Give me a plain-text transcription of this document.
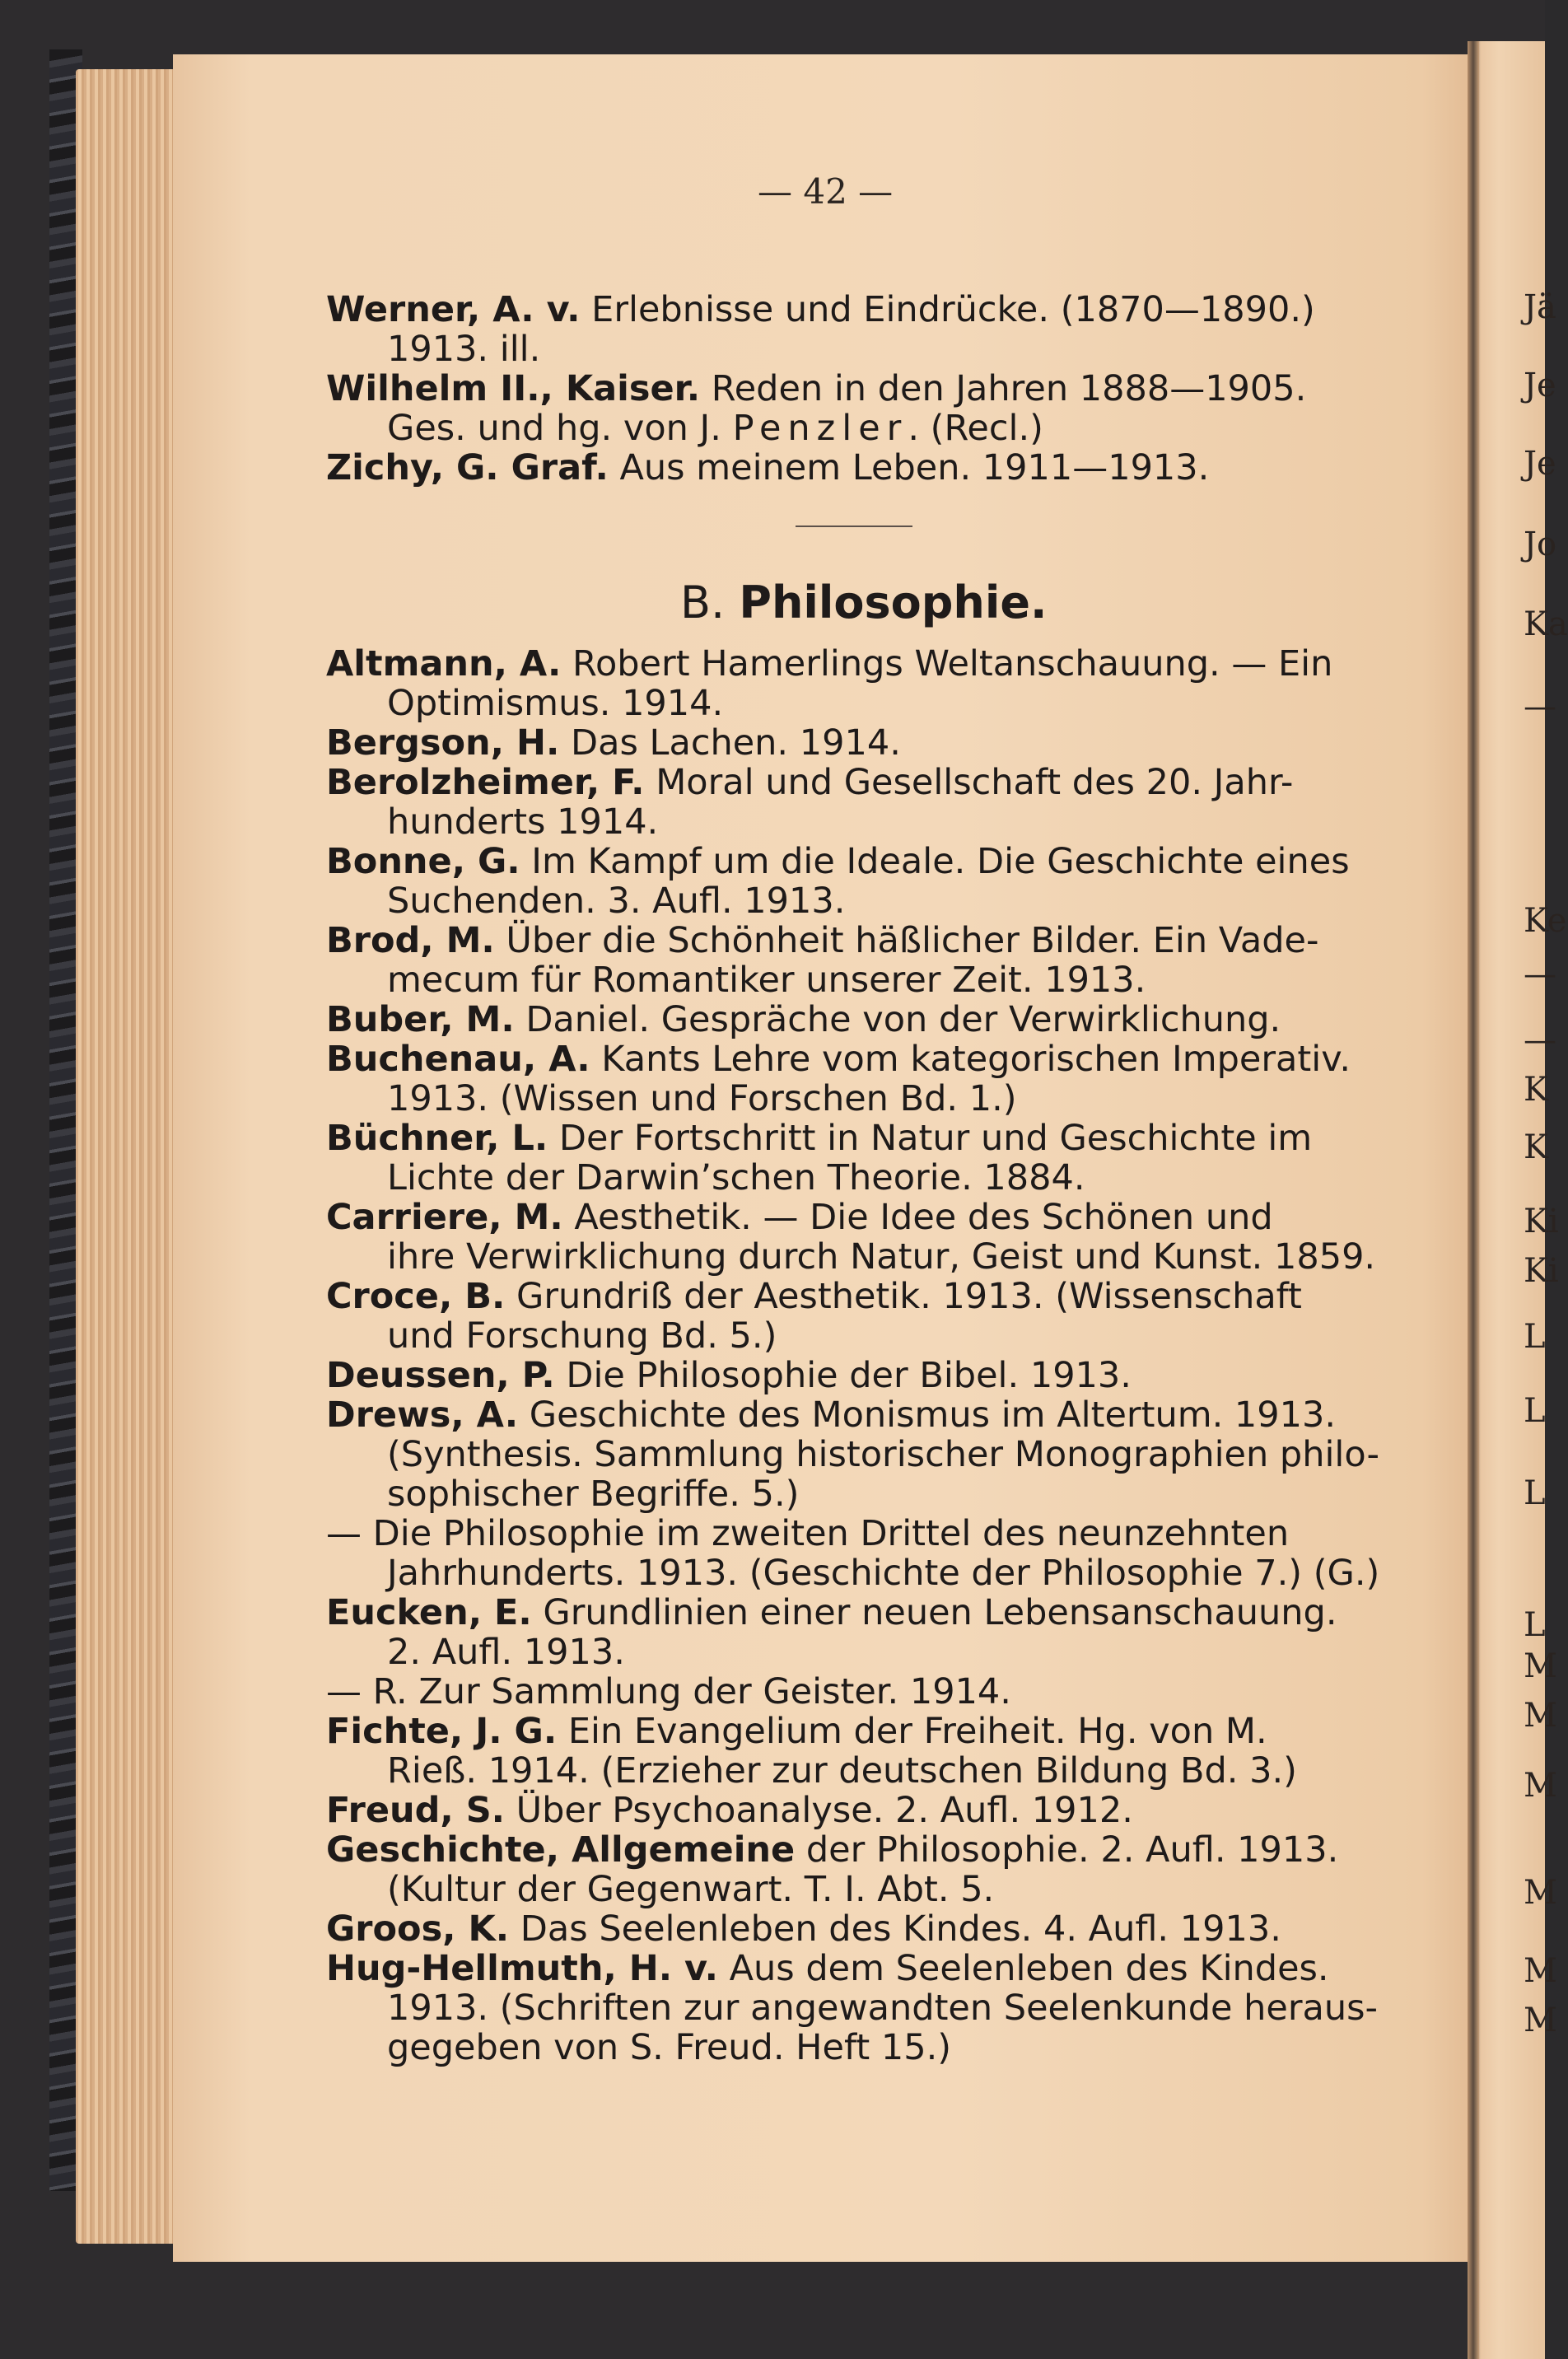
Jä
Je
Je
Jo
Ka
—
Ke
—
—
K
K
Ki
Ki
L
L
L
L
M
M
M
M
M
M
— 42 —
Werner, A. v. Erlebnisse und Eindrücke. (1870—1890.)
1913. ill.
Wilhelm II., Kaiser. Reden in den Jahren 1888—1905.
Ges. und hg. von J. Penzler. (Recl.)
Zichy, G. Graf. Aus meinem Leben. 1911—1913.
B. Philosophie.
Altmann, A. Robert Hamerlings Weltanschauung. — Ein
Optimismus. 1914.
Bergson, H. Das Lachen. 1914.
Berolzheimer, F. Moral und Gesellschaft des 20. Jahr-
hunderts 1914.
Bonne, G. Im Kampf um die Ideale. Die Geschichte eines
Suchenden. 3. Aufl. 1913.
Brod, M. Über die Schönheit häßlicher Bilder. Ein Vade-
mecum für Romantiker unserer Zeit. 1913.
Buber, M. Daniel. Gespräche von der Verwirklichung.
Buchenau, A. Kants Lehre vom kategorischen Imperativ.
1913. (Wissen und Forschen Bd. 1.)
Büchner, L. Der Fortschritt in Natur und Geschichte im
Lichte der Darwin’schen Theorie. 1884.
Carriere, M. Aesthetik. — Die Idee des Schönen und
ihre Verwirklichung durch Natur, Geist und Kunst. 1859.
Croce, B. Grundriß der Aesthetik. 1913. (Wissenschaft
und Forschung Bd. 5.)
Deussen, P. Die Philosophie der Bibel. 1913.
Drews, A. Geschichte des Monismus im Altertum. 1913.
(Synthesis. Sammlung historischer Monographien philo-
sophischer Begriffe. 5.)
— Die Philosophie im zweiten Drittel des neunzehnten
Jahrhunderts. 1913. (Geschichte der Philosophie 7.) (G.)
Eucken, E. Grundlinien einer neuen Lebensanschauung.
2. Aufl. 1913.
— R. Zur Sammlung der Geister. 1914.
Fichte, J. G. Ein Evangelium der Freiheit. Hg. von M.
Rieß. 1914. (Erzieher zur deutschen Bildung Bd. 3.)
Freud, S. Über Psychoanalyse. 2. Aufl. 1912.
Geschichte, Allgemeine der Philosophie. 2. Aufl. 1913.
(Kultur der Gegenwart. T. I. Abt. 5.
Groos, K. Das Seelenleben des Kindes. 4. Aufl. 1913.
Hug-Hellmuth, H. v. Aus dem Seelenleben des Kindes.
1913. (Schriften zur angewandten Seelenkunde heraus-
gegeben von S. Freud. Heft 15.)
